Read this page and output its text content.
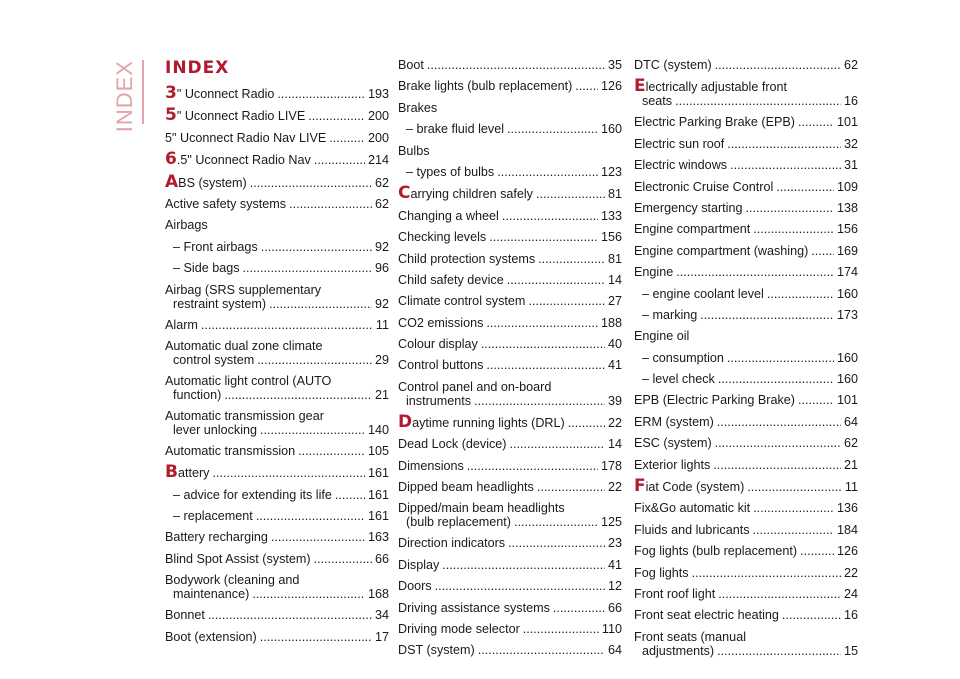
INDEX INDEX
3" Uconnect Radio .....	193
5" Uconnect Radio LIVE .....	200
5" Uconnect Radio Nav LIVE .....	200
6.5" Uconnect Radio Nav .....	214
ABS (system) .....	62
Active safety systems .....	62
Airbags
– Front airbags .....	92
– Side bags .....	96
Airbag (SRS supplementary
restraint system) .....	92
Alarm .....	11
Automatic dual zone climate
control system .....	29
Automatic light control (AUTO
function) .....	21
Automatic transmission gear
lever unlocking .....	140
Automatic transmission .....	105
Battery .....	161
– advice for extending its life .....	161
– replacement .....	161
Battery recharging .....	163
Blind Spot Assist (system) .....	66
Bodywork (cleaning and
maintenance) .....	168
Bonnet .....	34
Boot (extension) .....	17
Boot .....	35
Brake lights (bulb replacement) ..... 126
Brakes
– brake fluid level .....	160
Bulbs
– types of bulbs .....	123
Carrying children safely .....	81
Changing a wheel .....	133
Checking levels .....	156
Child protection systems .....	81
Child safety device .....	14
Climate control system .....	27
CO2 emissions .....	188
Colour display .....	40
Control buttons .....	41
Control panel and on-board
instruments .....	39
Daytime running lights (DRL) .....	22
Dead Lock (device) .....	14
Dimensions .....	178
Dipped beam headlights .....	22
Dipped/main beam headlights
(bulb replacement) .....	125
Direction indicators .....	23
Display .....	41
Doors .....	12
Driving assistance systems .....	66
Driving mode selector .....	110
DST (system) .....	64
DTC (system) .....	62
Electrically adjustable front
seats .....	16
Electric Parking Brake (EPB) .....	101
Electric sun roof .....	32
Electric windows .....	31
Electronic Cruise Control .....	109
Emergency starting .....	138
Engine compartment .....	156
Engine compartment (washing) ..... 169
Engine .....	174
– engine coolant level .....	160
– marking .....	173
Engine oil
– consumption .....	160
– level check .....	160
EPB (Electric Parking Brake) .....	101
ERM (system) .....	64
ESC (system) .....	62
Exterior lights .....	21
Fiat Code (system) .....	11
Fix&Go automatic kit .....	136
Fluids and lubricants .....	184
Fog lights (bulb replacement) .....	126
Fog lights .....	22
Front roof light .....	24
Front seat electric heating .....	16
Front seats (manual
adjustments) .....	15
